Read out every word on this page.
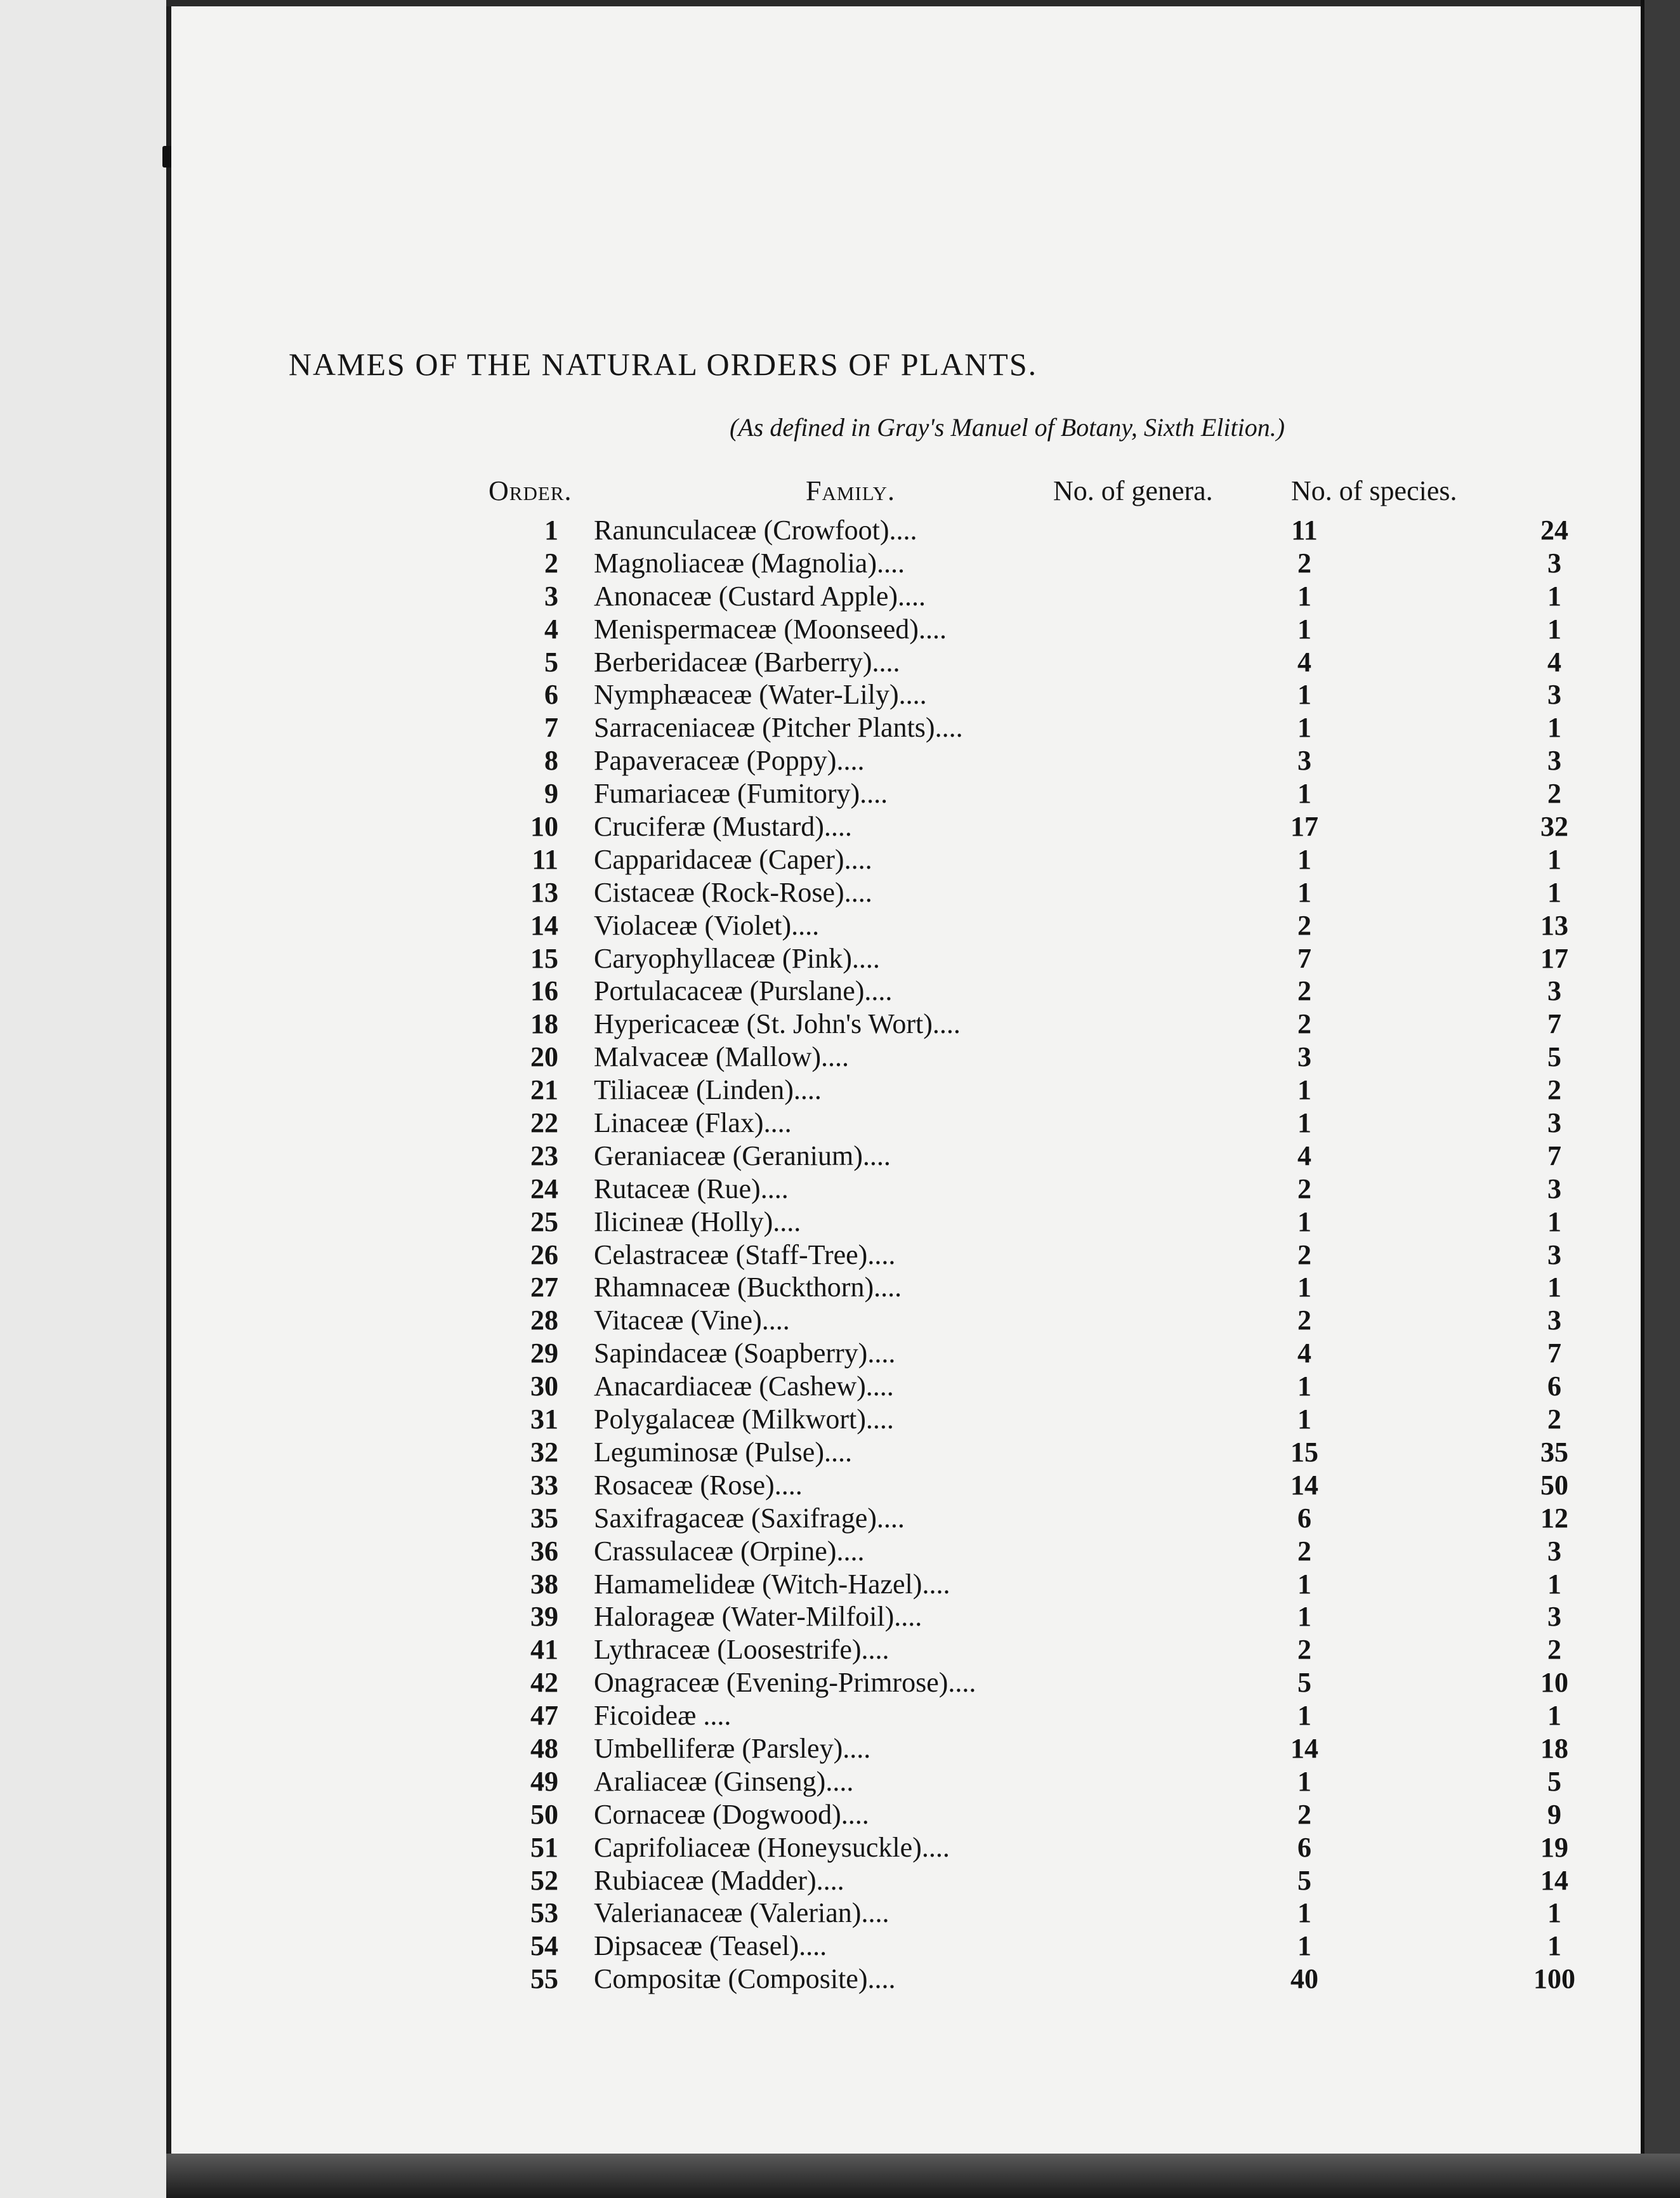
NAMES OF THE NATURAL ORDERS OF PLANTS.
(As defined in Gray's Manuel of Botany, Sixth Elition.)
Order.	Family.	No. of genera.	No. of species.
1 Ranunculaceæ (Crowfoot)....	11	24
2 Magnoliaceæ (Magnolia)....	2	3
3 Anonaceæ (Custard Apple)....	1	1
4 Menispermaceæ (Moonseed)....	1	1
5 Berberidaceæ (Barberry)....	4	4
6 Nymphæaceæ (Water-Lily)....	1	3
7 Sarraceniaceæ (Pitcher Plants)....	1	1
8 Papaveraceæ (Poppy)....	3	3
9 Fumariaceæ (Fumitory)....	1	2
10 Cruciferæ (Mustard)....	17	32
11 Capparidaceæ (Caper)....	1	1
13 Cistaceæ (Rock-Rose)....	1	1
14 Violaceæ (Violet)....	2	13
15 Caryophyllaceæ (Pink)....	7	17
16 Portulacaceæ (Purslane)....	2	3
18 Hypericaceæ (St. John's Wort)....	2	7
20 Malvaceæ (Mallow)....	3	5
21 Tiliaceæ (Linden)....	1	2
22 Linaceæ (Flax)....	1	3
23 Geraniaceæ (Geranium)....	4	7
24 Rutaceæ (Rue)....	2	3
25 Ilicineæ (Holly)....	1	1
26 Celastraceæ (Staff-Tree)....	2	3
27 Rhamnaceæ (Buckthorn)....	1	1
28 Vitaceæ (Vine)....	2	3
29 Sapindaceæ (Soapberry)....	4	7
30 Anacardiaceæ (Cashew)....	1	6
31 Polygalaceæ (Milkwort)....	1	2
32 Leguminosæ (Pulse)....	15	35
33 Rosaceæ (Rose)....	14	50
35 Saxifragaceæ (Saxifrage)....	6	12
36 Crassulaceæ (Orpine)....	2	3
38 Hamamelideæ (Witch-Hazel)....	1	1
39 Halorageæ (Water-Milfoil)....	1	3
41 Lythraceæ (Loosestrife)....	2	2
42 Onagraceæ (Evening-Primrose)....	5	10
47 Ficoideæ ....	1	1
48 Umbelliferæ (Parsley)....	14	18
49 Araliaceæ (Ginseng)....	1	5
50 Cornaceæ (Dogwood)....	2	9
51 Caprifoliaceæ (Honeysuckle)....	6	19
52 Rubiaceæ (Madder)....	5	14
53 Valerianaceæ (Valerian)....	1	1
54 Dipsaceæ (Teasel)....	1	1
55 Compositæ (Composite)....	40	100
